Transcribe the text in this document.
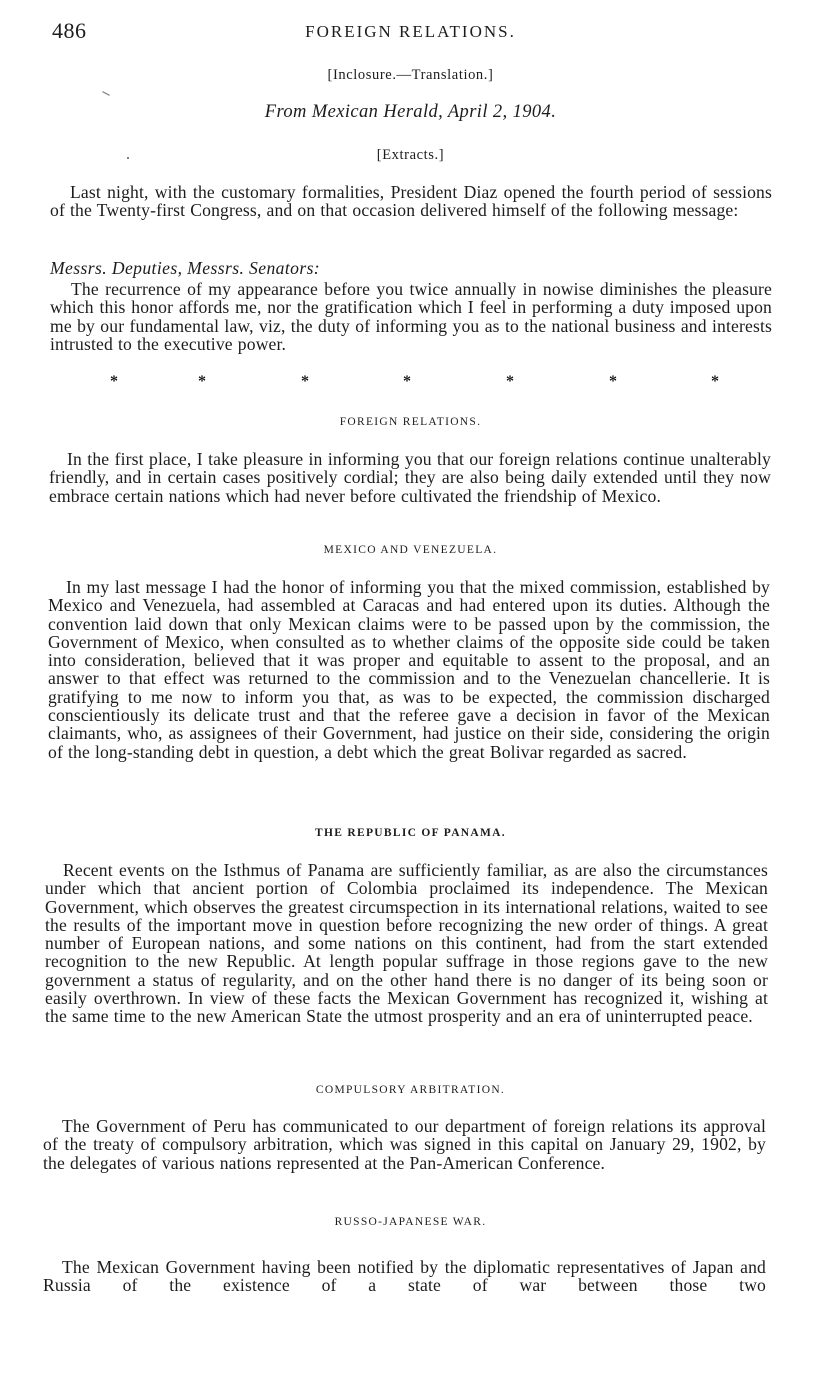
486	FOREIGN RELATIONS.
[Inclosure.—Translation.]
From Mexican Herald, April 2, 1904.
[Extracts.]

Last night, with the customary formalities, President Diaz opened the fourth period of sessions of the Twenty-first Congress, and on that occasion delivered himself of the following message:

Messrs. Deputies, Messrs. Senators:

The recurrence of my appearance before you twice annually in nowise diminishes the pleasure which this honor affords me, nor the gratification which I feel in performing a duty imposed upon me by our fundamental law, viz, the duty of informing you as to the national business and interests intrusted to the executive power.

*	*	*	*	*	*	*
FOREIGN RELATIONS.

In the first place, I take pleasure in informing you that our foreign relations continue unalterably friendly, and in certain cases positively cordial; they are also being daily extended until they now embrace certain nations which had never before cultivated the friendship of Mexico.

MEXICO AND VENEZUELA.

In my last message I had the honor of informing you that the mixed commission, established by Mexico and Venezuela, had assembled at Caracas and had entered upon its duties. Although the convention laid down that only Mexican claims were to be passed upon by the commission, the Government of Mexico, when consulted as to whether claims of the opposite side could be taken into consideration, believed that it was proper and equitable to assent to the proposal, and an answer to that effect was returned to the commission and to the Venezuelan chancellerie. It is gratifying to me now to inform you that, as was to be expected, the commission discharged conscientiously its delicate trust and that the referee gave a decision in favor of the Mexican claimants, who, as assignees of their Government, had justice on their side, considering the origin of the long-standing debt in question, a debt which the great Bolivar regarded as sacred.

THE REPUBLIC OF PANAMA.

Recent events on the Isthmus of Panama are sufficiently familiar, as are also the circumstances under which that ancient portion of Colombia proclaimed its independence. The Mexican Government, which observes the greatest circumspection in its international relations, waited to see the results of the important move in question before recognizing the new order of things. A great number of European nations, and some nations on this continent, had from the start extended recognition to the new Republic. At length popular suffrage in those regions gave to the new government a status of regularity, and on the other hand there is no danger of its being soon or easily overthrown. In view of these facts the Mexican Government has recognized it, wishing at the same time to the new American State the utmost prosperity and an era of uninterrupted peace.

COMPULSORY ARBITRATION.

The Government of Peru has communicated to our department of foreign relations its approval of the treaty of compulsory arbitration, which was signed in this capital on January 29, 1902, by the delegates of various nations represented at the Pan-American Conference.

RUSSO-JAPANESE WAR.

The Mexican Government having been notified by the diplomatic representatives of Japan and Russia of the existence of a state of war between those two
